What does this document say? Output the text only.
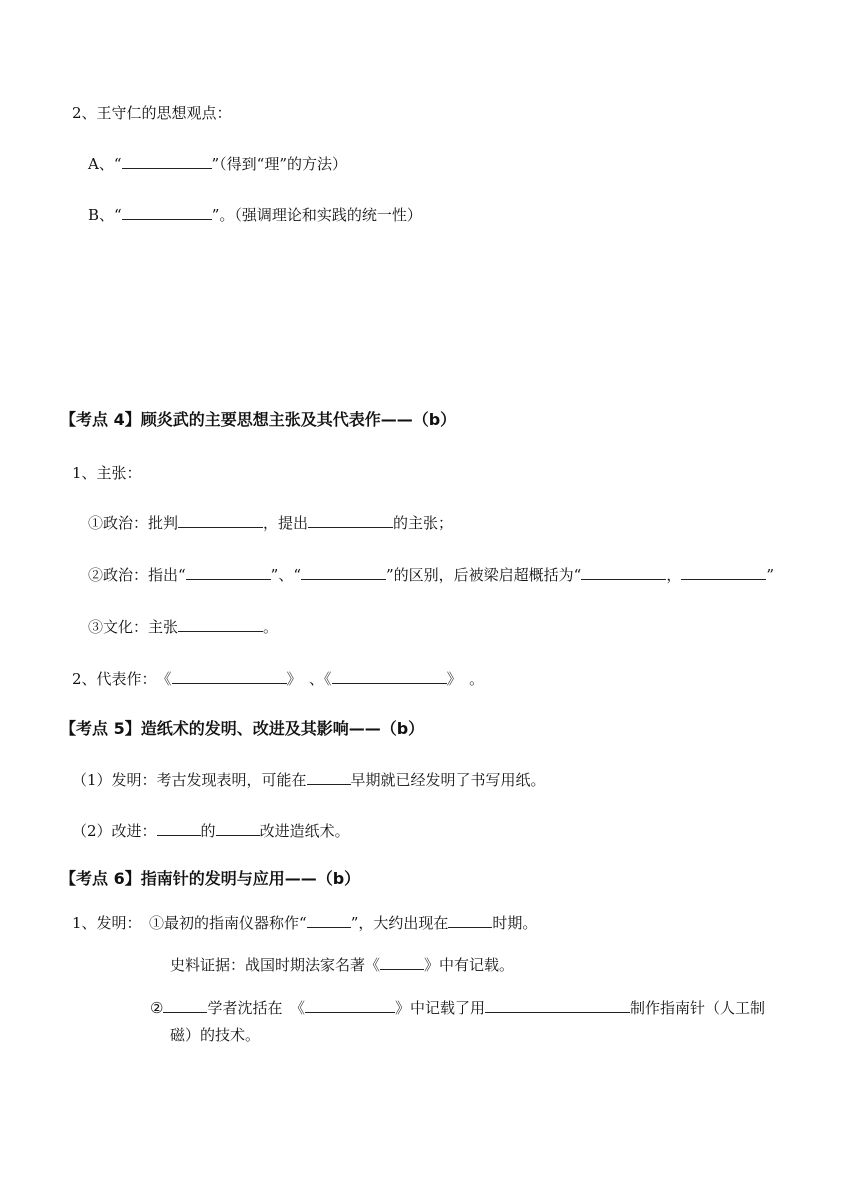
2、王守仁的思想观点：
A、“	”（得到“理”的方法）
B、“	”。（强调理论和实践的统一性）
【考点 4】顾炎武的主要思想主张及其代表作——（b）
1、主张：
①政治：批判	，提出	的主张；
②政治：指出“	”、“	”的区别，后被梁启超概括为“	，	”
③文化：主张	。
2、代表作：　《	》　、《	》　。
【考点 5】造纸术的发明、改进及其影响——（b）
（1）发明：考古发现表明，可能在	早期就已经发明了书写用纸。
（2）改进：	的	改进造纸术。
【考点 6】指南针的发明与应用——（b）
1、发明：　①最初的指南仪器称作“	”，大约出现在	时期。
史料证据：战国时期法家名著《	》中有记载。
②	学者沈括在　《	》中记载了用	制作指南针（人工制
磁）的技术。
